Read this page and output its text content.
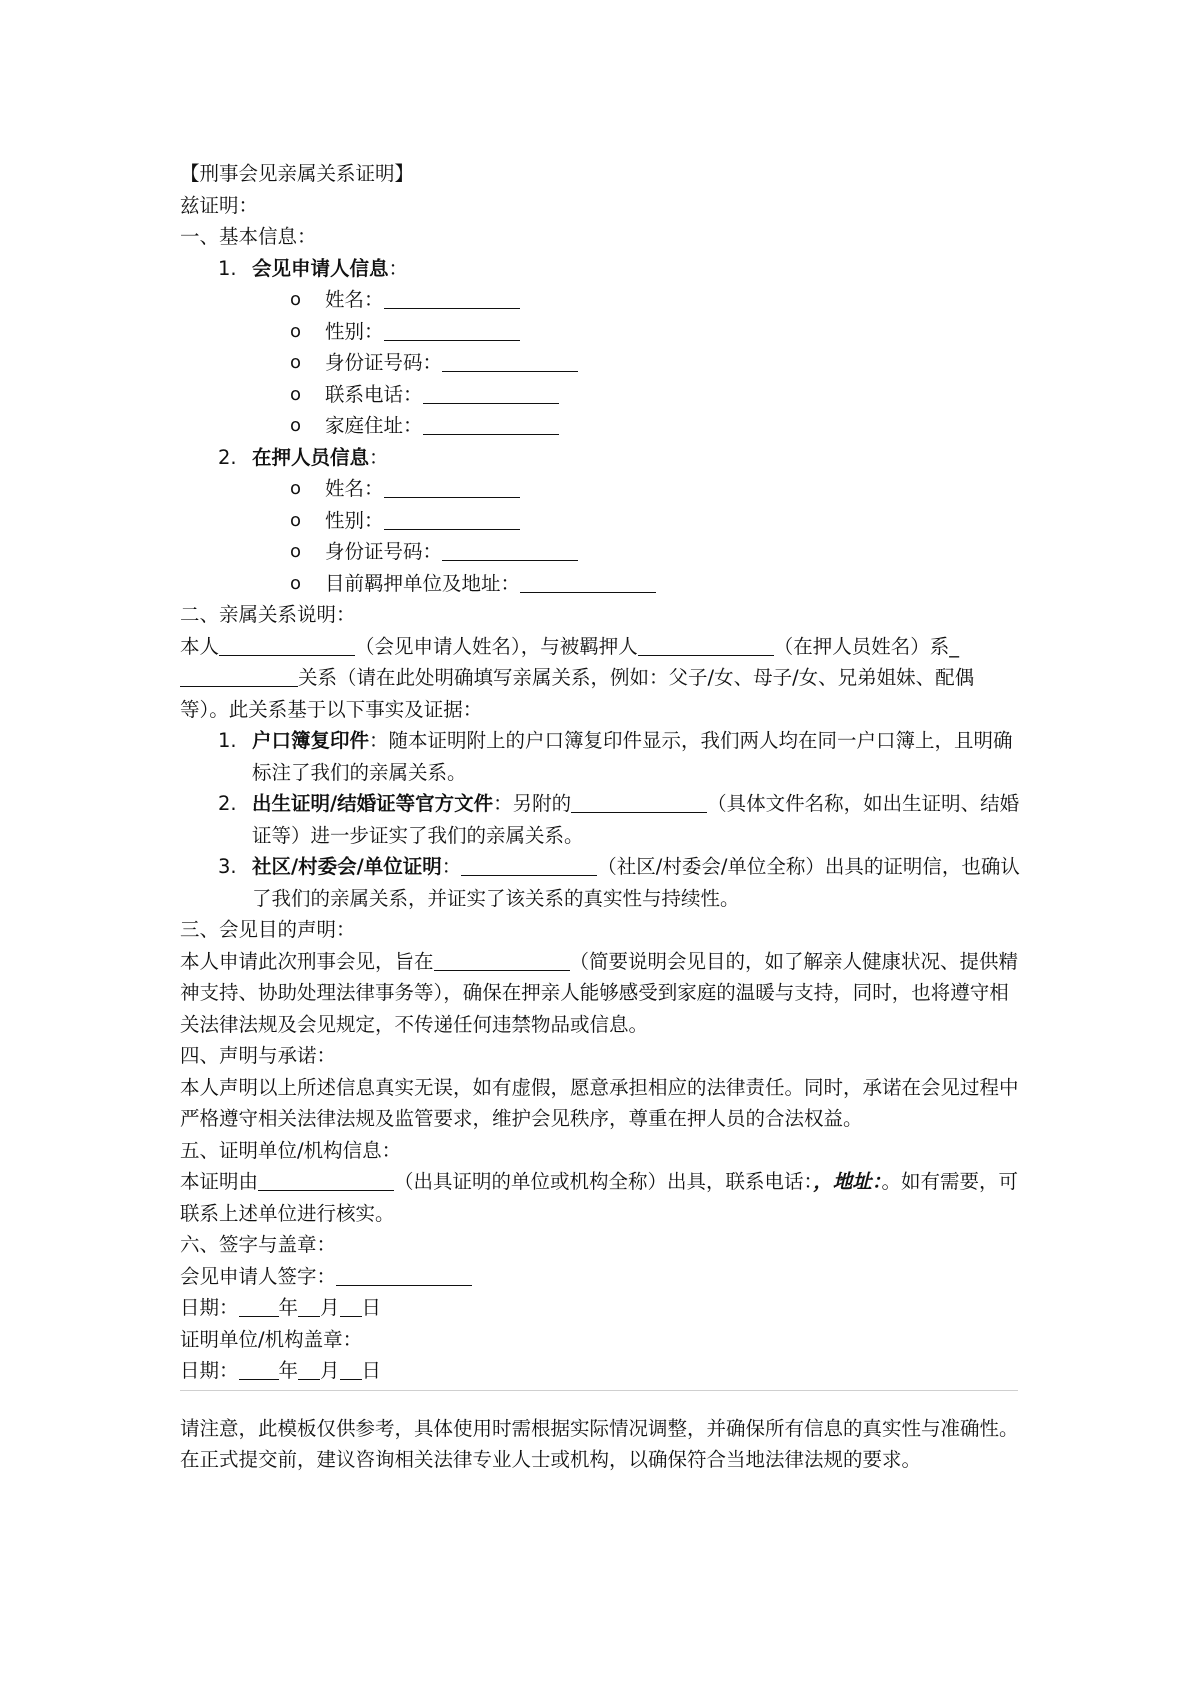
【刑事会见亲属关系证明】

兹证明：

一、基本信息：

1. 会见申请人信息：
o 姓名：
o 性别：
o 身份证号码：
o 联系电话：
o 家庭住址：
2. 在押人员信息：
o 姓名：
o 性别：
o 身份证号码：
o 目前羁押单位及地址：

二、亲属关系说明：

本人	（会见申请人姓名），与被羁押人	（在押人员姓名）系_关系（请在此处明确填写亲属关系，例如：父子/女、母子/女、兄弟姐妹、配偶等）。此关系基于以下事实及证据：

1. 户口簿复印件：随本证明附上的户口簿复印件显示，我们两人均在同一户口簿上，且明确标注了我们的亲属关系。
2. 出生证明/结婚证等官方文件：另附的	（具体文件名称，如出生证明、结婚证等）进一步证实了我们的亲属关系。
3. 社区/村委会/单位证明：	（社区/村委会/单位全称）出具的证明信，也确认了我们的亲属关系，并证实了该关系的真实性与持续性。

三、会见目的声明：

本人申请此次刑事会见，旨在	（简要说明会见目的，如了解亲人健康状况、提供精神支持、协助处理法律事务等），确保在押亲人能够感受到家庭的温暖与支持，同时，也将遵守相关法律法规及会见规定，不传递任何违禁物品或信息。

四、声明与承诺：

本人声明以上所述信息真实无误，如有虚假，愿意承担相应的法律责任。同时，承诺在会见过程中严格遵守相关法律法规及监管要求，维护会见秩序，尊重在押人员的合法权益。

五、证明单位/机构信息：

本证明由	（出具证明的单位或机构全称）出具，联系电话：，地址：。如有需要，可联系上述单位进行核实。

六、签字与盖章：

会见申请人签字：

日期： 年 月 日

证明单位/机构盖章：

日期： 年 月 日

请注意，此模板仅供参考，具体使用时需根据实际情况调整，并确保所有信息的真实性与准确性。在正式提交前，建议咨询相关法律专业人士或机构，以确保符合当地法律法规的要求。
